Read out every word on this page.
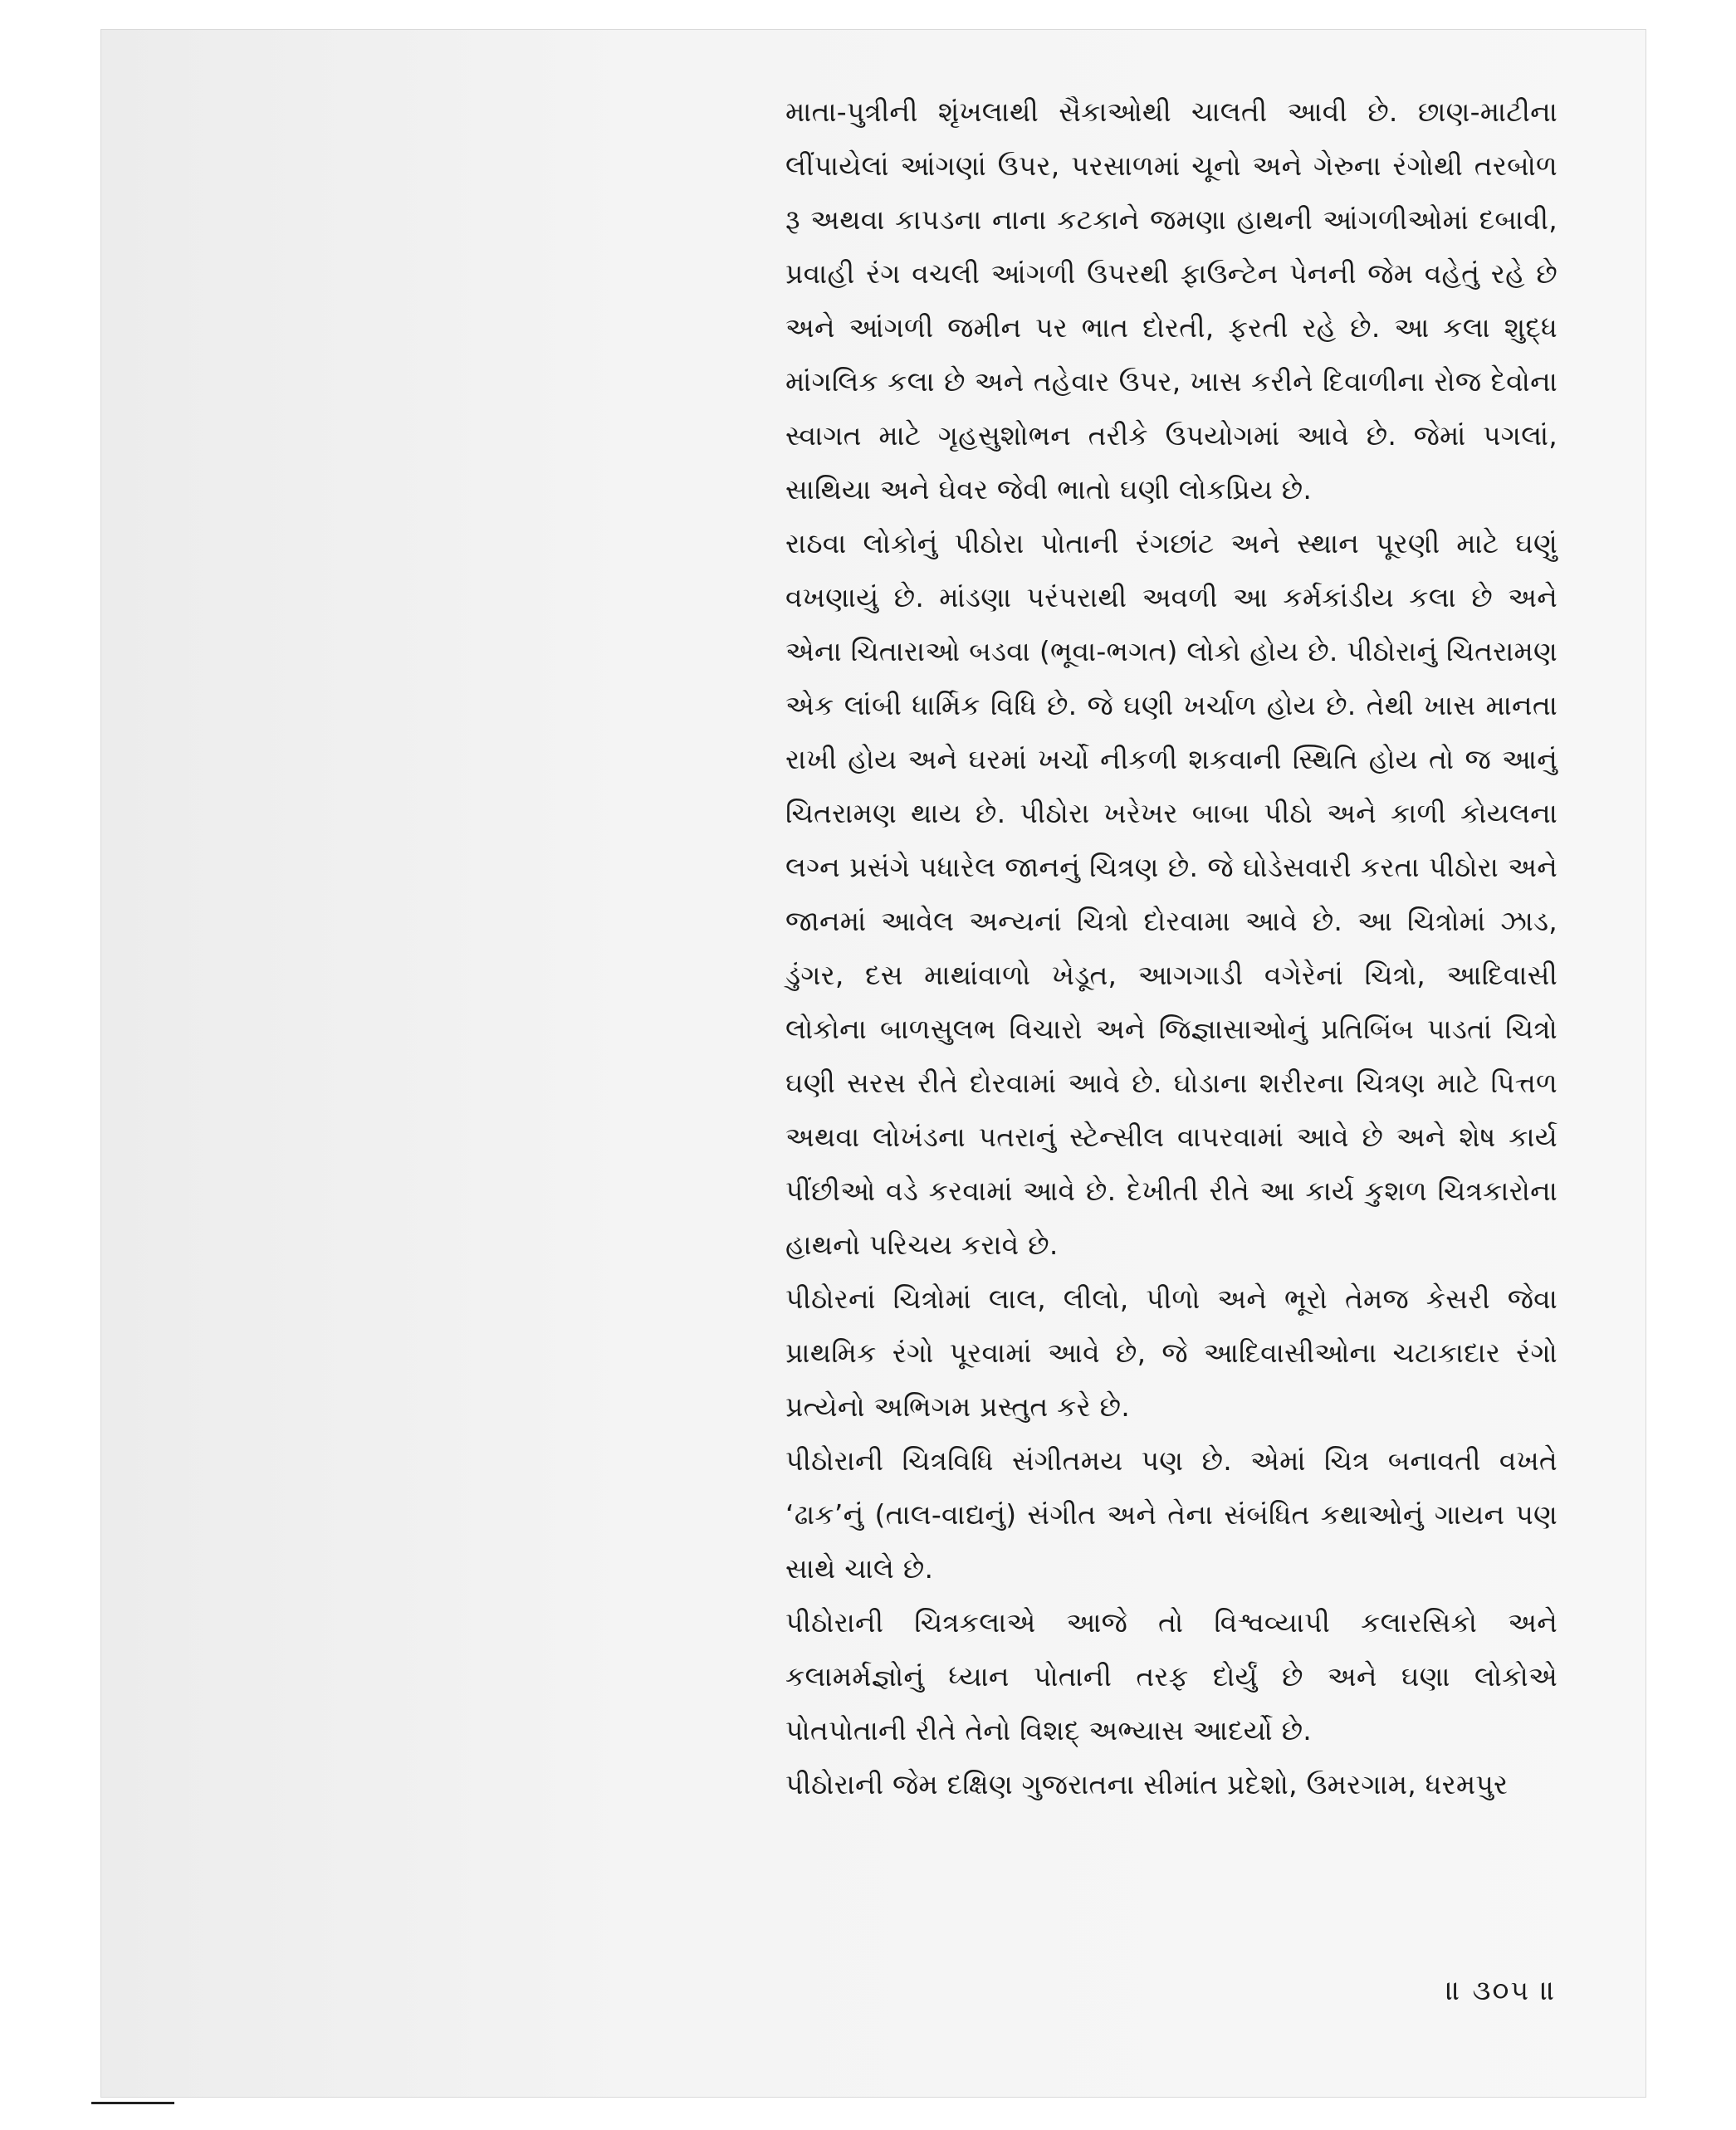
માતા-પુત્રીની શૃંખલાથી સૈકાઓથી ચાલતી આવી છે. છાણ-માટીના લીંપાયેલાં આંગણાં ઉપર, પરસાળમાં ચૂનો અને ગેરુના રંગોથી તરબોળ રૂ અથવા કાપડના નાના કટકાને જમણા હાથની આંગળીઓમાં દબાવી, પ્રવાહી રંગ વચલી આંગળી ઉપરથી ફાઉન્ટેન પેનની જેમ વહેતું રહે છે અને આંગળી જમીન પર ભાત દોરતી, ફરતી રહે છે. આ કલા શુદ્ધ માંગલિક કલા છે અને તહેવાર ઉપર, ખાસ કરીને દિવાળીના રોજ દેવોના સ્વાગત માટે ગૃહસુશોભન તરીકે ઉપયોગમાં આવે છે. જેમાં પગલાં, સાથિયા અને ઘેવર જેવી ભાતો ઘણી લોકપ્રિય છે.

રાઠવા લોકોનું પીઠોરા પોતાની રંગછાંટ અને સ્થાન પૂરણી માટે ઘણું વખણાયું છે. માંડણા પરંપરાથી અવળી આ કર્મકાંડીય કલા છે અને એના ચિતારાઓ બડવા (ભૂવા-ભગત) લોકો હોય છે. પીઠોરાનું ચિતરામણ એક લાંબી ધાર્મિક વિધિ છે. જે ઘણી ખર્ચાળ હોય છે. તેથી ખાસ માનતા રાખી હોય અને ઘરમાં ખર્ચો નીકળી શકવાની સ્થિતિ હોય તો જ આનું ચિતરામણ થાય છે. પીઠોરા ખરેખર બાબા પીઠો અને કાળી કોયલના લગ્ન પ્રસંગે પધારેલ જાનનું ચિત્રણ છે. જે ઘોડેસવારી કરતા પીઠોરા અને જાનમાં આવેલ અન્યનાં ચિત્રો દોરવામા આવે છે. આ ચિત્રોમાં ઝાડ, ડુંગર, દસ માથાંવાળો ખેડૂત, આગગાડી વગેરેનાં ચિત્રો, આદિવાસી લોકોના બાળસુલભ વિચારો અને જિજ્ઞાસાઓનું પ્રતિબિંબ પાડતાં ચિત્રો ઘણી સરસ રીતે દોરવામાં આવે છે. ઘોડાના શરીરના ચિત્રણ માટે પિત્તળ અથવા લોખંડના પતરાનું સ્ટેન્સીલ વાપરવામાં આવે છે અને શેષ કાર્ય પીંછીઓ વડે કરવામાં આવે છે. દેખીતી રીતે આ કાર્ય કુશળ ચિત્રકારોના હાથનો પરિચય કરાવે છે.

પીઠોરનાં ચિત્રોમાં લાલ, લીલો, પીળો અને ભૂરો તેમજ કેસરી જેવા પ્રાથમિક રંગો પૂરવામાં આવે છે, જે આદિવાસીઓના ચટાકાદાર રંગો પ્રત્યેનો અભિગમ પ્રસ્તુત કરે છે.

પીઠોરાની ચિત્રવિધિ સંગીતમય પણ છે. એમાં ચિત્ર બનાવતી વખતે ‘ઢાક’નું (તાલ-વાદ્યનું) સંગીત અને તેના સંબંધિત કથાઓનું ગાયન પણ સાથે ચાલે છે.

પીઠોરાની ચિત્રકલાએ આજે તો વિશ્વવ્યાપી કલારસિકો અને કલામર્મજ્ઞોનું ધ્યાન પોતાની તરફ દોર્યું છે અને ઘણા લોકોએ પોતપોતાની રીતે તેનો વિશદ્ અભ્યાસ આદર્યો છે.

પીઠોરાની જેમ દક્ષિણ ગુજરાતના સીમાંત પ્રદેશો, ઉમરગામ, ધરમપુર

॥ ૩૦૫ ॥
